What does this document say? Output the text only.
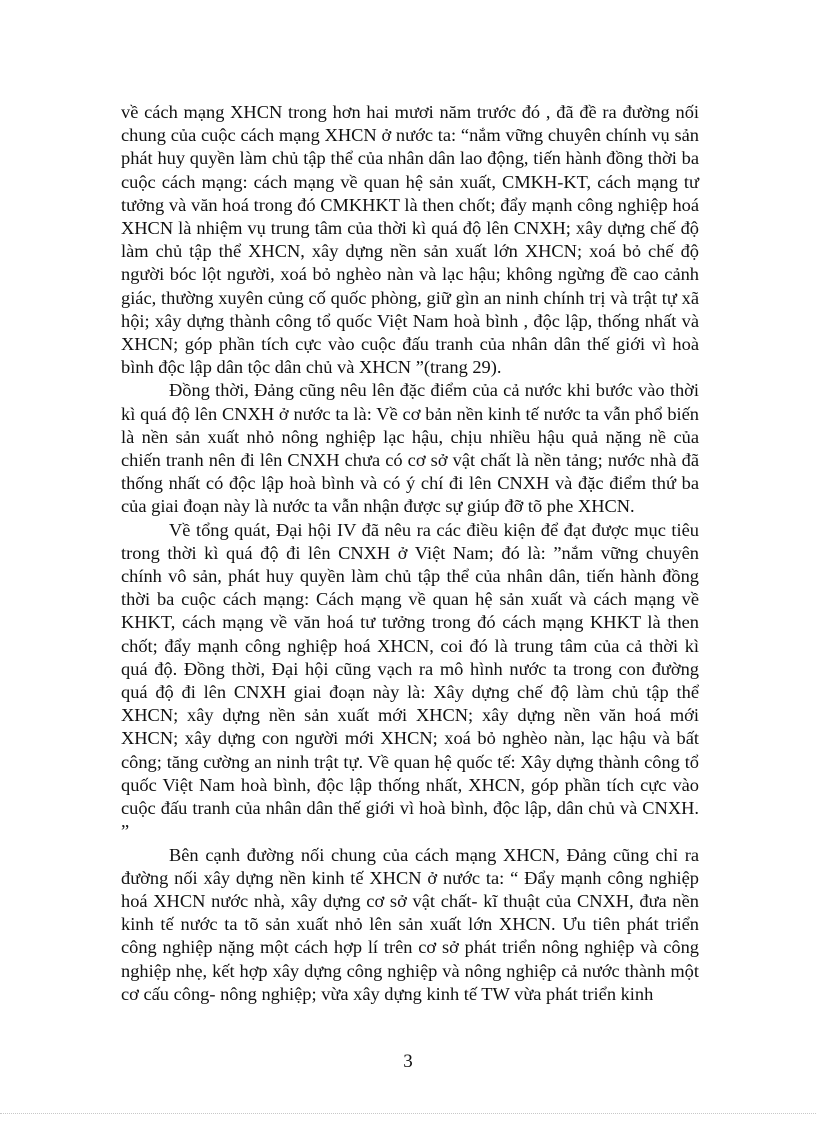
về cách mạng XHCN trong hơn hai mươi năm trước đó , đã đề ra đường nối chung của cuộc cách mạng XHCN ở nước ta: “nắm vững chuyên chính vụ sản phát huy quyền làm chủ tập thể của nhân dân lao động, tiến hành đồng thời ba cuộc cách mạng: cách mạng về quan hệ sản xuất, CMKH-KT, cách mạng tư tưởng và văn hoá trong đó CMKHKT là then chốt; đẩy mạnh công nghiệp hoá XHCN là nhiệm vụ trung tâm của thời kì quá độ lên CNXH; xây dựng chế độ làm chủ tập thể XHCN, xây dựng nền sản xuất lớn XHCN; xoá bỏ chế độ người bóc lột người, xoá bỏ nghèo nàn và lạc hậu; không ngừng đề cao cảnh giác, thường xuyên củng cố quốc phòng, giữ gìn an ninh chính trị và trật tự xã hội; xây dựng thành công tổ quốc Việt Nam hoà bình , độc lập, thống nhất và XHCN; góp phần tích cực vào cuộc đấu tranh của nhân dân thế giới vì hoà bình độc lập dân tộc dân chủ và XHCN ”(trang 29).

Đồng thời, Đảng cũng nêu lên đặc điểm của cả nước khi bước vào thời kì quá độ lên CNXH ở nước ta là: Về cơ bản nền kinh tế nước ta vẫn phổ biến là nền sản xuất nhỏ nông nghiệp lạc hậu, chịu nhiều hậu quả nặng nề của chiến tranh nên đi lên CNXH chưa có cơ sở vật chất là nền tảng; nước nhà đã thống nhất có độc lập hoà bình và có ý chí đi lên CNXH và đặc điểm thứ ba của giai đoạn này là nước ta vẫn nhận được sự giúp đỡ tõ phe XHCN.

Về tổng quát, Đại hội IV đã nêu ra các điều kiện để đạt được mục tiêu trong thời kì quá độ đi lên CNXH ở Việt Nam; đó là: ”nắm vững chuyên chính vô sản, phát huy quyền làm chủ tập thể của nhân dân, tiến hành đồng thời ba cuộc cách mạng: Cách mạng về quan hệ sản xuất và cách mạng về KHKT, cách mạng về văn hoá tư tưởng trong đó cách mạng KHKT là then chốt; đẩy mạnh công nghiệp hoá XHCN, coi đó là trung tâm của cả thời kì quá độ. Đồng thời, Đại hội cũng vạch ra mô hình nước ta trong con đường quá độ đi lên CNXH giai đoạn này là: Xây dựng chế độ làm chủ tập thể XHCN; xây dựng nền sản xuất mới XHCN; xây dựng nền văn hoá mới XHCN; xây dựng con người mới XHCN; xoá bỏ nghèo nàn, lạc hậu và bất công; tăng cường an ninh trật tự. Về quan hệ quốc tế: Xây dựng thành công tổ quốc Việt Nam hoà bình, độc lập thống nhất, XHCN, góp phần tích cực vào cuộc đấu tranh của nhân dân thế giới vì hoà bình, độc lập, dân chủ và CNXH. ”

Bên cạnh đường nối chung của cách mạng XHCN, Đảng cũng chỉ ra đường nối xây dựng nền kinh tế XHCN ở nước ta: “ Đẩy mạnh công nghiệp hoá XHCN nước nhà, xây dựng cơ sở vật chất- kĩ thuật của CNXH, đưa nền kinh tế nước ta tõ sản xuất nhỏ lên sản xuất lớn XHCN. Ưu tiên phát triển công nghiệp nặng một cách hợp lí trên cơ sở phát triển nông nghiệp và công nghiệp nhẹ, kết hợp xây dựng công nghiệp và nông nghiệp cả nước thành một cơ cấu công- nông nghiệp; vừa xây dựng kinh tế TW vừa phát triển kinh

3
